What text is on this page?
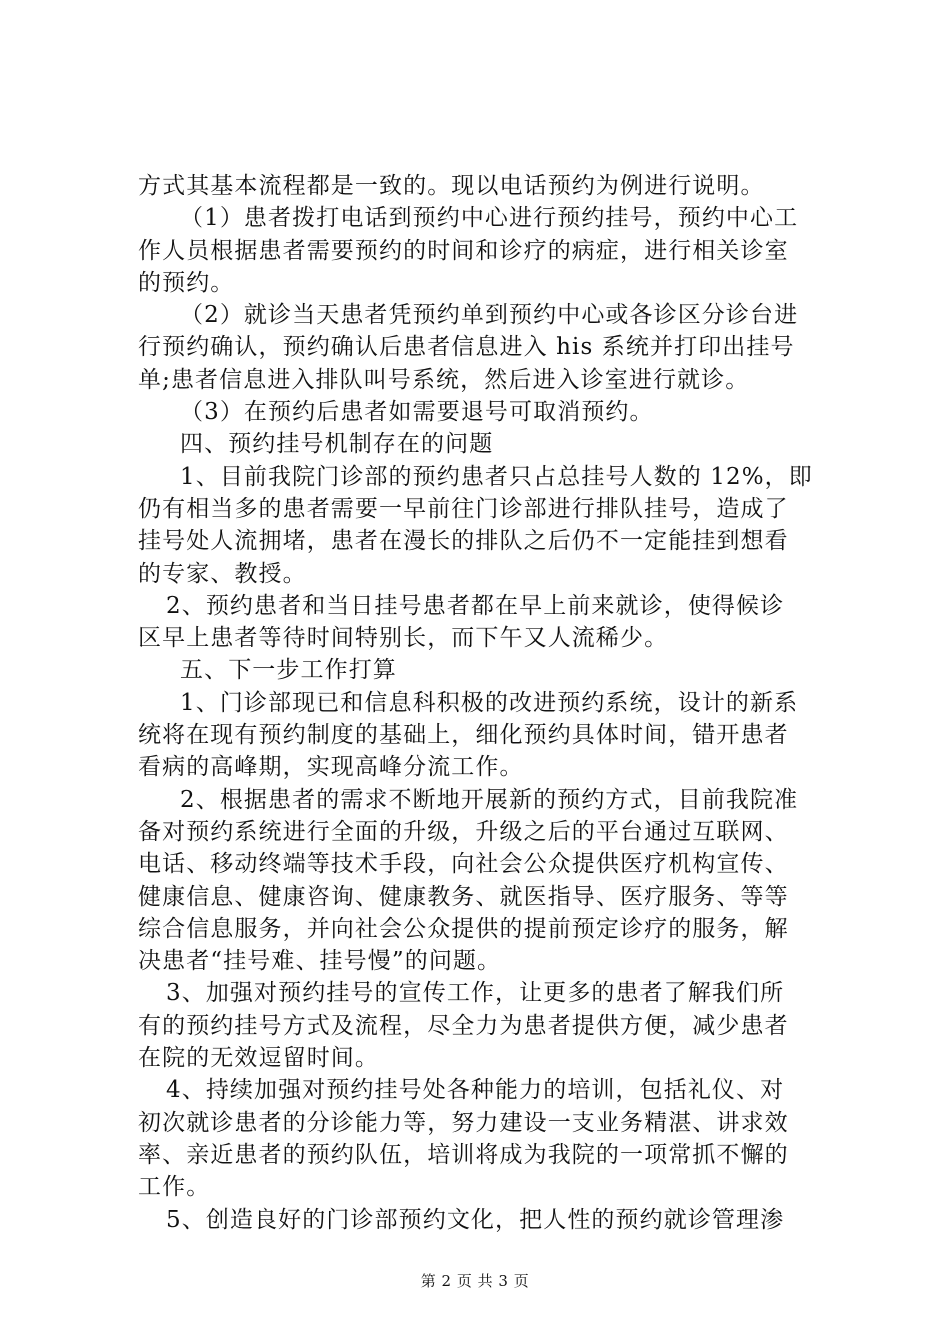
方式其基本流程都是一致的。现以电话预约为例进行说明。
（1）患者拨打电话到预约中心进行预约挂号，预约中心工
作人员根据患者需要预约的时间和诊疗的病症，进行相关诊室
的预约。
（2）就诊当天患者凭预约单到预约中心或各诊区分诊台进
行预约确认，预约确认后患者信息进入 his 系统并打印出挂号
单;患者信息进入排队叫号系统，然后进入诊室进行就诊。
（3）在预约后患者如需要退号可取消预约。
四、预约挂号机制存在的问题
1、目前我院门诊部的预约患者只占总挂号人数的 12%，即
仍有相当多的患者需要一早前往门诊部进行排队挂号，造成了
挂号处人流拥堵，患者在漫长的排队之后仍不一定能挂到想看
的专家、教授。
2、预约患者和当日挂号患者都在早上前来就诊，使得候诊
区早上患者等待时间特别长，而下午又人流稀少。
五、下一步工作打算
1、门诊部现已和信息科积极的改进预约系统，设计的新系
统将在现有预约制度的基础上，细化预约具体时间，错开患者
看病的高峰期，实现高峰分流工作。
2、根据患者的需求不断地开展新的预约方式，目前我院准
备对预约系统进行全面的升级，升级之后的平台通过互联网、
电话、移动终端等技术手段，向社会公众提供医疗机构宣传、
健康信息、健康咨询、健康教务、就医指导、医疗服务、等等
综合信息服务，并向社会公众提供的提前预定诊疗的服务，解
决患者“挂号难、挂号慢”的问题。
3、加强对预约挂号的宣传工作，让更多的患者了解我们所
有的预约挂号方式及流程，尽全力为患者提供方便，减少患者
在院的无效逗留时间。
4、持续加强对预约挂号处各种能力的培训，包括礼仪、对
初次就诊患者的分诊能力等，努力建设一支业务精湛、讲求效
率、亲近患者的预约队伍，培训将成为我院的一项常抓不懈的
工作。
5、创造良好的门诊部预约文化，把人性的预约就诊管理渗
第 2 页 共 3 页
